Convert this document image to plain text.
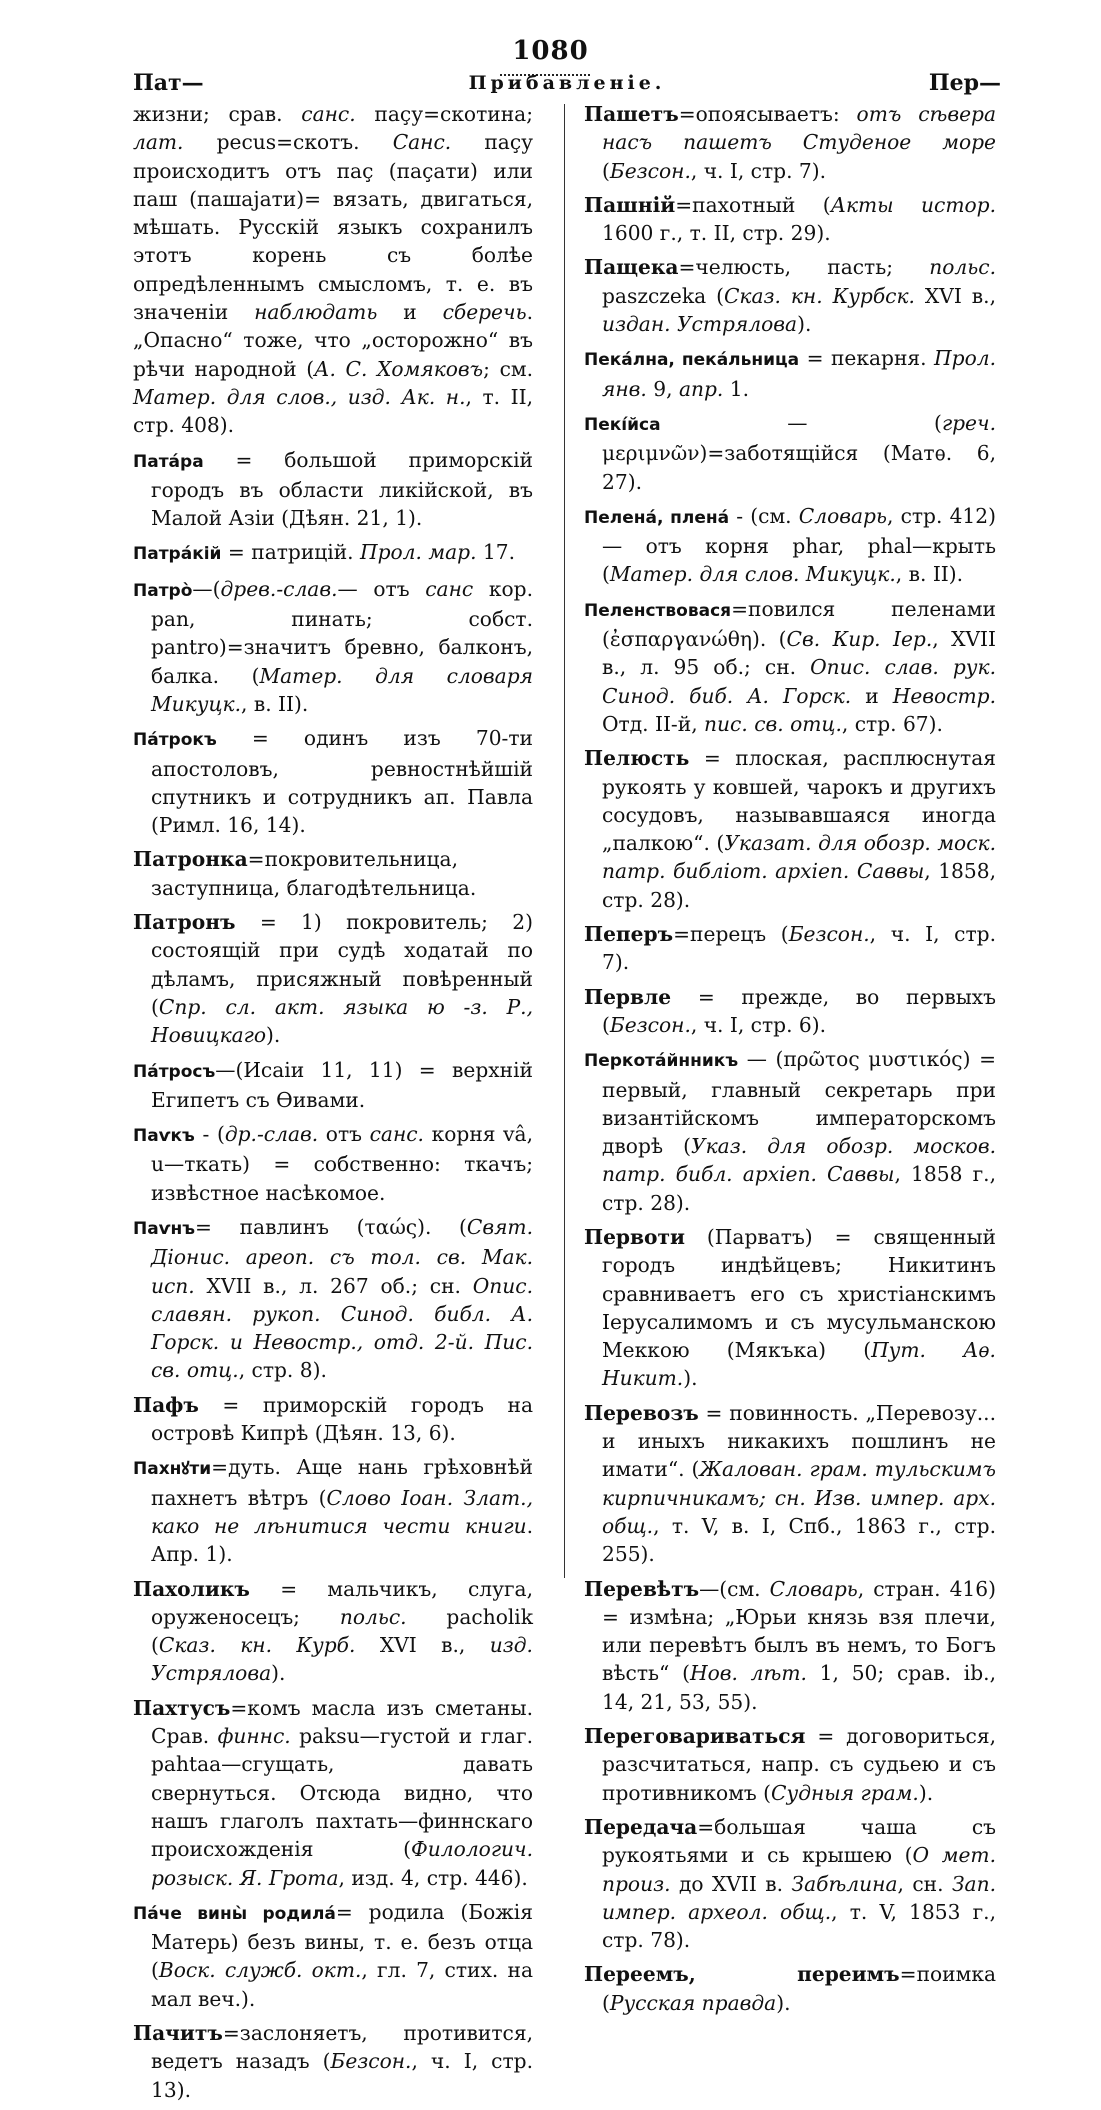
1080
Пат—	Прибавленіе.	Пер—

жизни; срав. санс. паçу=скотина; лат. pecus=скотъ. Санс. паçу происходитъ отъ паç (паçати) или паш (пашаjати)= вязать, двигаться, мѣшать. Русскій языкъ сохранилъ этотъ корень съ болѣе опредѣленнымъ смысломъ, т. е. въ значеніи наблюдать и сберечь. „Опасно“ тоже, что „осторожно“ въ рѣчи народной (А. С. Хомяковъ; см. Матер. для слов., изд. Ак. н., т. II, стр. 408).

Патáра = большой приморскій городъ въ области ликійской, въ Малой Азіи (Дѣян. 21, 1).

Патрáкій = патрицій. Прол. мар. 17.

Патрò—(древ.-слав.— отъ санс кор. pan, пинать; собст. pantro)=значитъ бревно, балконъ, балка. (Матер. для словаря Микуцк., в. II).

Пáтрокъ = одинъ изъ 70-ти апостоловъ, ревностнѣйшій спутникъ и сотрудникъ ап. Павла (Римл. 16, 14).

Патронка=покровительница, заступница, благодѣтельница.

Патронъ = 1) покровитель; 2) состоящій при судѣ ходатай по дѣламъ, присяжный повѣренный (Спр. сл. акт. языка ю -з. Р., Новицкаго).

Пáтросъ—(Исаіи 11, 11) = верхній Египетъ съ Ѳивами.

Паѵкъ - (др.-слав. отъ санс. корня vâ, u—ткать) = собственно: ткачъ; извѣстное насѣкомое.

Паѵнъ= павлинъ (ταώς). (Свят. Діонис. ареоп. съ тол. св. Мак. исп. XVII в., л. 267 об.; сн. Опис. славян. рукоп. Синод. библ. А. Горск. и Невостр., отд. 2-й. Пис. св. отц., стр. 8).

Пафъ = приморскій городъ на островѣ Кипрѣ (Дѣян. 13, 6).

Пахнꙋти=дуть. Аще нань грѣховнѣй пахнетъ вѣтръ (Слово Іоан. Злат., како не лѣнитися чести книги. Апр. 1).

Пахоликъ = мальчикъ, слуга, оруженосецъ; польс. pacholik (Сказ. кн. Курб. XVI в., изд. Устрялова).

Пахтусъ=комъ масла изъ сметаны. Срав. финнс. paksu—густой и глаг. pahtaa—сгущать, давать свернуться. Отсюда видно, что нашъ глаголъ пахтать—финнскаго происхожденія (Филологич. розыск. Я. Грота, изд. 4, стр. 446).

Пáче вины̀ родилá= родила (Божія Матерь) безъ вины, т. е. безъ отца (Воск. служб. окт., гл. 7, стих. на мал веч.).

Пачитъ=заслоняетъ, противится, ведетъ назадъ (Безсон., ч. I, стр. 13).

Пашетъ=опоясываетъ: отъ сѣвера насъ пашетъ Студеное море (Безсон., ч. I, стр. 7).

Пашній=пахотный (Акты истор. 1600 г., т. II, стр. 29).

Пащека=челюсть, пасть; польс. paszczeka (Сказ. кн. Курбск. XVI в., издан. Устрялова).

Пекáлна, пекáльница = пекарня. Прол. янв. 9, апр. 1.

Пекíйса — (греч. μεριμνῶν)=заботящійся (Матѳ. 6, 27).

Пеленá, пленá - (см. Словарь, стр. 412) — отъ корня phar, phal—крыть (Матер. для слов. Микуцк., в. II).

Пеленствовася=повился пеленами (ἐσπαργανώθη). (Св. Кир. Іер., XVII в., л. 95 об.; сн. Опис. слав. рук. Синод. биб. А. Горск. и Невостр. Отд. II-й, пис. св. отц., стр. 67).

Пелюсть = плоская, расплюснутая рукоять у ковшей, чарокъ и другихъ сосудовъ, называвшаяся иногда „палкою“. (Указат. для обозр. моск. патр. библіот. архіеп. Саввы, 1858, стр. 28).

Пеперъ=перецъ (Безсон., ч. I, стр. 7).

Первле = прежде, во первыхъ (Безсон., ч. I, стр. 6).

Перкотáйнникъ — (πρῶτος μυστικός) = первый, главный секретарь при византійскомъ императорскомъ дворѣ (Указ. для обозр. москов. патр. библ. архіеп. Саввы, 1858 г., стр. 28).

Первоти (Парватъ) = священный городъ индѣйцевъ; Никитинъ сравниваетъ его съ христіанскимъ Іерусалимомъ и съ мусульманскою Меккою (Мякъка) (Пут. Аѳ. Никит.).

Перевозъ = повинность. „Перевозу... и иныхъ никакихъ пошлинъ не имати“. (Жалован. грам. тульскимъ кирпичникамъ; сн. Изв. импер. арх. общ., т. V, в. I, Спб., 1863 г., стр. 255).

Перевѣтъ—(см. Словарь, стран. 416) = измѣна; „Юрьи князь взя плечи, или перевѣтъ былъ въ немъ, то Богъ вѣсть“ (Нов. лѣт. 1, 50; срав. ib., 14, 21, 53, 55).

Переговариваться = договориться, разсчитаться, напр. съ судьею и съ противникомъ (Судныя грам.).

Передача=большая чаша съ рукоятьями и сь крышею (О мет. произ. до XVII в. Забѣлина, сн. Зап. импер. археол. общ., т. V, 1853 г., стр. 78).

Переемъ, переимъ=поимка (Русская правда).
